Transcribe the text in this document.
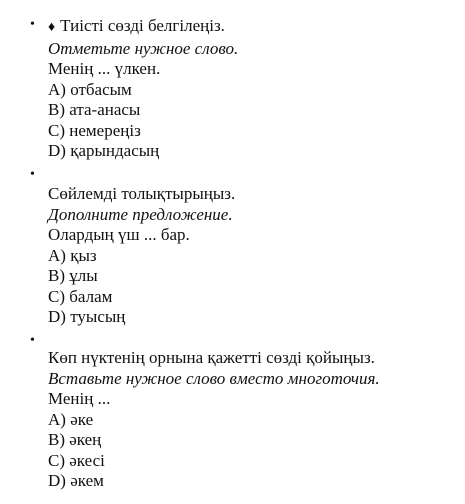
• ♦ Тиісті сөзді белгілеңіз.
Отметьте нужное слово.
Менің ... үлкен.
A) отбасым
B) ата-анасы
C) немереңіз
D) қарындасың
•
Сөйлемді толықтырыңыз.
Дополните предложение.
Олардың үш ... бар.
A) қыз
B) ұлы
C) балам
D) туысың
•
Көп нүктенің орнына қажетті сөзді қойыңыз.
Вставьте нужное слово вместо многоточия.
Менің ...
A) әке
B) әкең
C) әкесі
D) әкем
